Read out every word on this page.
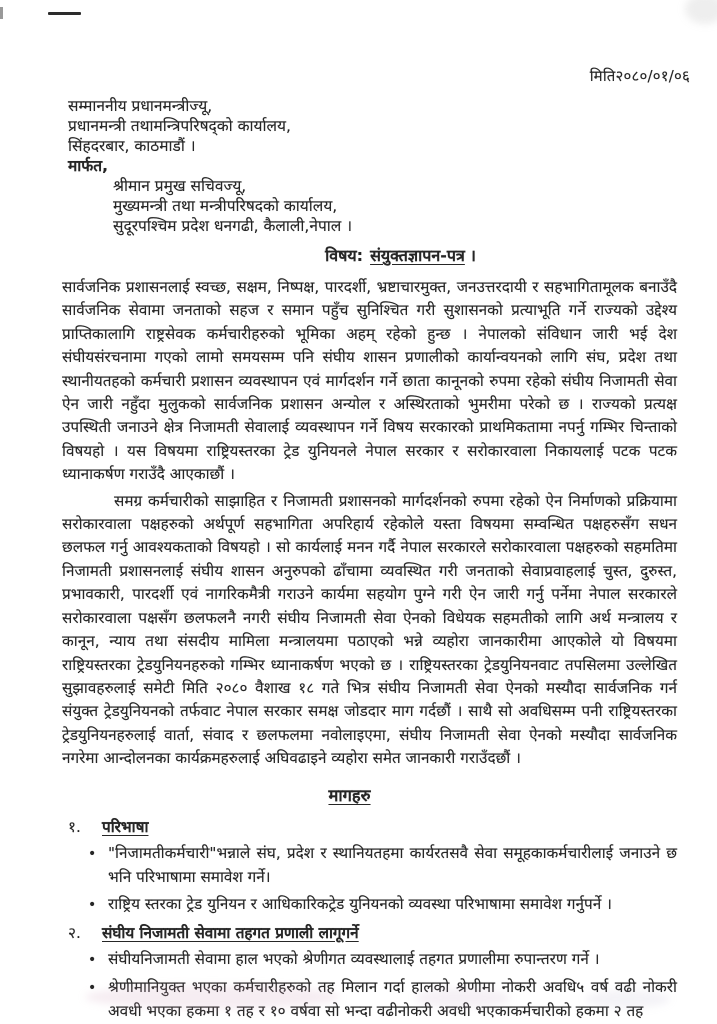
मिति२०८०/०१/०६
सम्माननीय प्रधानमन्त्रीज्यू,
प्रधानमन्त्री तथामन्त्रिपरिषद्को कार्यालय,
सिंहदरबार, काठमाडौं ।
मार्फत,
श्रीमान प्रमुख सचिवज्यू,
मुख्यमन्त्री तथा मन्त्रीपरिषदको कार्यालय,
सुदूरपश्चिम प्रदेश धनगढी, कैलाली,नेपाल ।
विषय: संयुक्तज्ञापन-पत्र ।

सार्वजनिक प्रशासनलाई स्वच्छ, सक्षम, निष्पक्ष, पारदर्शी, भ्रष्टाचारमुक्त, जनउत्तरदायी र सहभागितामूलक बनाउँदै सार्वजनिक सेवामा जनताको सहज र समान पहुँच सुनिश्चित गरी सुशासनको प्रत्याभूति गर्ने राज्यको उद्देश्य प्राप्तिकालागि राष्ट्रसेवक कर्मचारीहरुको भूमिका अहम् रहेको हुन्छ । नेपालको संविधान जारी भई देश संघीयसंरचनामा गएको लामो समयसम्म पनि संघीय शासन प्रणालीको कार्यान्वयनको लागि संघ, प्रदेश तथा स्थानीयतहको कर्मचारी प्रशासन व्यवस्थापन एवं मार्गदर्शन गर्ने छाता कानूनको रुपमा रहेको संघीय निजामती सेवा ऐन जारी नहुँदा मुलुकको सार्वजनिक प्रशासन अन्योल र अस्थिरताको भुमरीमा परेको छ । राज्यको प्रत्यक्ष उपस्थिती जनाउने क्षेत्र निजामती सेवालाई व्यवस्थापन गर्ने विषय सरकारको प्राथमिकतामा नपर्नु गम्भिर चिन्ताको विषयहो । यस विषयमा राष्ट्रियस्तरका ट्रेड युनियनले नेपाल सरकार र सरोकारवाला निकायलाई पटक पटक ध्यानाकर्षण गराउँदै आएकाछौं ।

समग्र कर्मचारीको साझाहित र निजामती प्रशासनको मार्गदर्शनको रुपमा रहेको ऐन निर्माणको प्रक्रियामा सरोकारवाला पक्षहरुको अर्थपूर्ण सहभागिता अपरिहार्य रहेकोले यस्ता विषयमा सम्वन्धित पक्षहरुसँग सधन छलफल गर्नु आवश्यकताको विषयहो । सो कार्यलाई मनन गर्दै नेपाल सरकारले सरोकारवाला पक्षहरुको सहमतिमा निजामती प्रशासनलाई संघीय शासन अनुरुपको ढाँचामा व्यवस्थित गरी जनताको सेवाप्रवाहलाई चुस्त, दुरुस्त, प्रभावकारी, पारदर्शी एवं नागरिकमैत्री गराउने कार्यमा सहयोग पुग्ने गरी ऐन जारी गर्नु पर्नेमा नेपाल सरकारले सरोकारवाला पक्षसँग छलफलनै नगरी संघीय निजामती सेवा ऐनको विधेयक सहमतीको लागि अर्थ मन्त्रालय र कानून, न्याय तथा संसदीय मामिला मन्त्रालयमा पठाएको भन्ने व्यहोरा जानकारीमा आएकोले यो विषयमा राष्ट्रियस्तरका ट्रेडयुनियनहरुको गम्भिर ध्यानाकर्षण भएको छ । राष्ट्रियस्तरका ट्रेडयुनियनवाट तपसिलमा उल्लेखित सुझावहरुलाई समेटी मिति २०८० वैशाख १८ गते भित्र संघीय निजामती सेवा ऐनको मस्यौदा सार्वजनिक गर्न संयुक्त ट्रेडयुनियनको तर्फवाट नेपाल सरकार समक्ष जोडदार माग गर्दछौं । साथै सो अवधिसम्म पनी राष्ट्रियस्तरका ट्रेडयुनियनहरुलाई वार्ता, संवाद र छलफलमा नवोलाइएमा, संघीय निजामती सेवा ऐनको मस्यौदा सार्वजनिक नगरेमा आन्दोलनका कार्यक्रमहरुलाई अघिवढाइने व्यहोरा समेत जानकारी गराउँदछौं ।

मागहरु
१.	परिभाषा
•
"निजामतीकर्मचारी"भन्नाले संघ, प्रदेश र स्थानियतहमा कार्यरतसवै सेवा समूहकाकर्मचारीलाई जनाउने छ भनि परिभाषामा समावेश गर्ने।
•
राष्ट्रिय स्तरका ट्रेड युनियन र आधिकारिकट्रेड युनियनको व्यवस्था परिभाषामा समावेश गर्नुपर्ने ।
२.	संघीय निजामती सेवामा तहगत प्रणाली लागूगर्ने
•
संघीयनिजामती सेवामा हाल भएको श्रेणीगत व्यवस्थालाई तहगत प्रणालीमा रुपान्तरण गर्ने ।
•
श्रेणीमानियुक्त भएका कर्मचारीहरुको तह मिलान गर्दा हालको श्रेणीमा नोकरी अवधि५ वर्ष वढी नोकरी अवधी भएका हकमा १ तह र १० वर्षवा सो भन्दा वढीनोकरी अवधी भएकाकर्मचारीको हकमा २ तह
